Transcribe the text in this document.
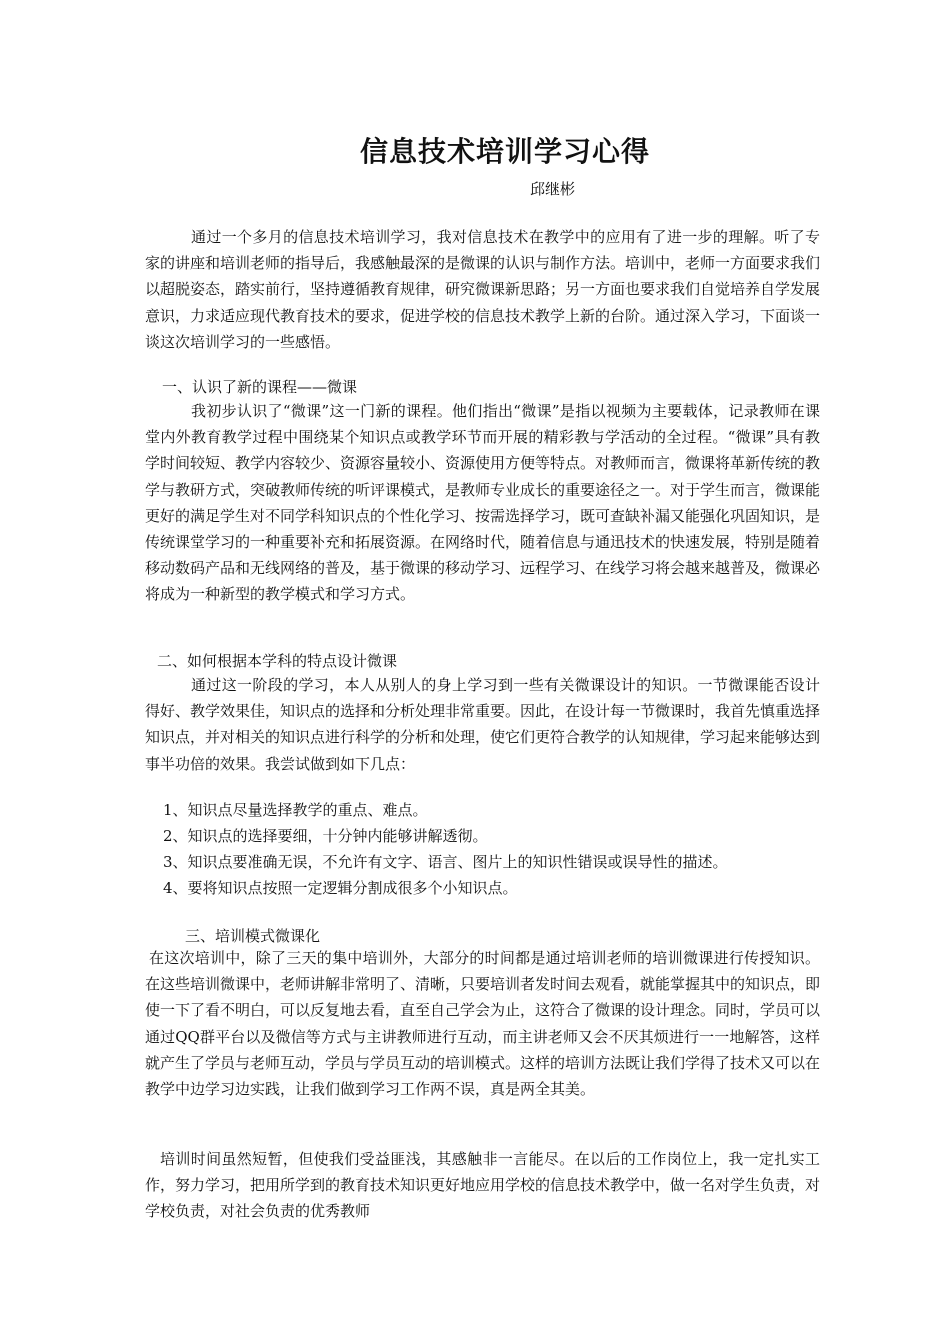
信息技术培训学习心得
邱继彬

通过一个多月的信息技术培训学习，我对信息技术在教学中的应用有了进一步的理解。听了专家的讲座和培训老师的指导后，我感触最深的是微课的认识与制作方法。培训中，老师一方面要求我们以超脱姿态，踏实前行，坚持遵循教育规律，研究微课新思路；另一方面也要求我们自觉培养自学发展意识，力求适应现代教育技术的要求，促进学校的信息技术教学上新的台阶。通过深入学习，下面谈一谈这次培训学习的一些感悟。

一、认识了新的课程——微课

我初步认识了“微课”这一门新的课程。他们指出“微课”是指以视频为主要载体，记录教师在课堂内外教育教学过程中围绕某个知识点或教学环节而开展的精彩教与学活动的全过程。“微课”具有教学时间较短、教学内容较少、资源容量较小、资源使用方便等特点。对教师而言，微课将革新传统的教学与教研方式，突破教师传统的听评课模式，是教师专业成长的重要途径之一。对于学生而言，微课能更好的满足学生对不同学科知识点的个性化学习、按需选择学习，既可查缺补漏又能强化巩固知识，是传统课堂学习的一种重要补充和拓展资源。在网络时代，随着信息与通迅技术的快速发展，特别是随着移动数码产品和无线网络的普及，基于微课的移动学习、远程学习、在线学习将会越来越普及，微课必将成为一种新型的教学模式和学习方式。

二、如何根据本学科的特点设计微课

通过这一阶段的学习，本人从别人的身上学习到一些有关微课设计的知识。一节微课能否设计得好、教学效果佳，知识点的选择和分析处理非常重要。因此，在设计每一节微课时，我首先慎重选择知识点，并对相关的知识点进行科学的分析和处理，使它们更符合教学的认知规律，学习起来能够达到事半功倍的效果。我尝试做到如下几点：

1、知识点尽量选择教学的重点、难点。
2、知识点的选择要细，十分钟内能够讲解透彻。
3、知识点要准确无误，不允许有文字、语言、图片上的知识性错误或误导性的描述。
4、要将知识点按照一定逻辑分割成很多个小知识点。
三、培训模式微课化

在这次培训中，除了三天的集中培训外，大部分的时间都是通过培训老师的培训微课进行传授知识。在这些培训微课中，老师讲解非常明了、清晰，只要培训者发时间去观看，就能掌握其中的知识点，即使一下了看不明白，可以反复地去看，直至自己学会为止，这符合了微课的设计理念。同时，学员可以通过QQ群平台以及微信等方式与主讲教师进行互动，而主讲老师又会不厌其烦进行一一地解答，这样就产生了学员与老师互动，学员与学员互动的培训模式。这样的培训方法既让我们学得了技术又可以在教学中边学习边实践，让我们做到学习工作两不误，真是两全其美。

培训时间虽然短暂，但使我们受益匪浅，其感触非一言能尽。在以后的工作岗位上，我一定扎实工作，努力学习，把用所学到的教育技术知识更好地应用学校的信息技术教学中，做一名对学生负责，对学校负责，对社会负责的优秀教师
